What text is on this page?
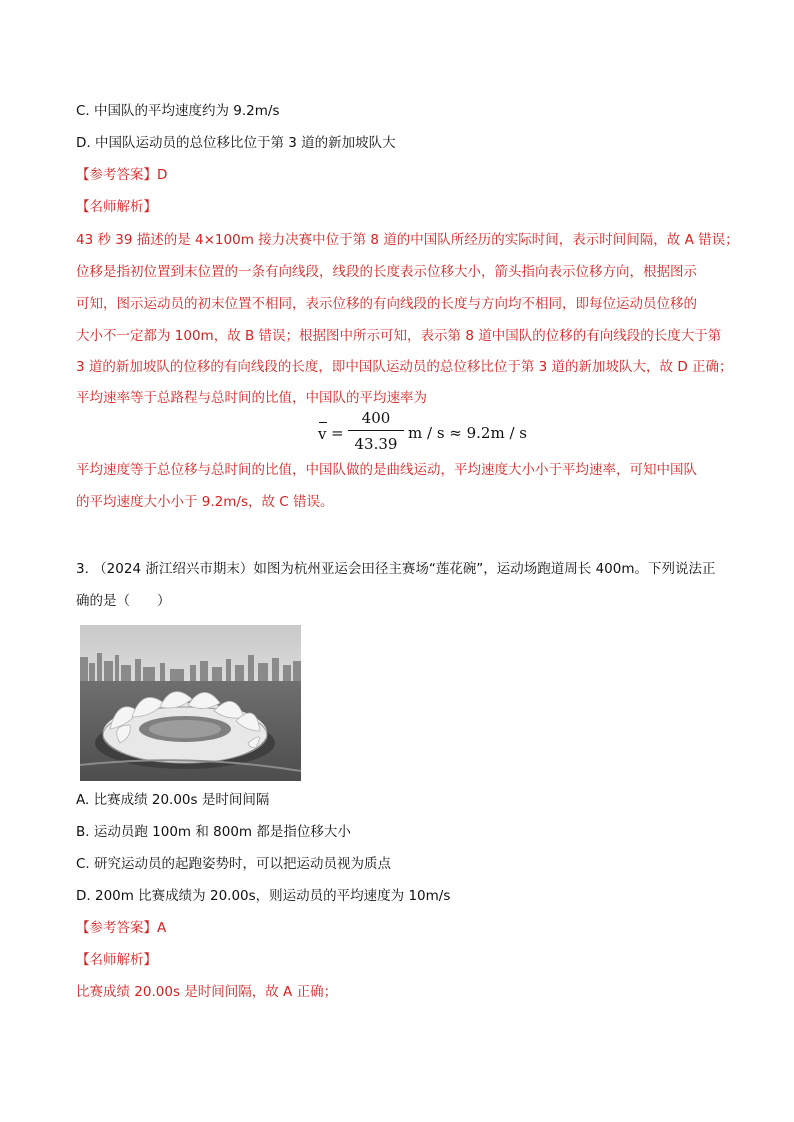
C. 中国队的平均速度约为 9.2m/s
D. 中国队运动员的总位移比位于第 3 道的新加坡队大
【参考答案】D
【名师解析】
43 秒 39 描述的是 4×100m 接力决赛中位于第 8 道的中国队所经历的实际时间，表示时间间隔，故 A 错误；
位移是指初位置到末位置的一条有向线段，线段的长度表示位移大小，箭头指向表示位移方向，根据图示
可知，图示运动员的初末位置不相同，表示位移的有向线段的长度与方向均不相同，即每位运动员位移的
大小不一定都为 100m，故 B 错误；根据图中所示可知，表示第 8 道中国队的位移的有向线段的长度大于第
3 道的新加坡队的位移的有向线段的长度，即中国队运动员的总位移比位于第 3 道的新加坡队大，故 D 正确；
平均速率等于总路程与总时间的比值，中国队的平均速率为
v =
400
43.39
m / s ≈ 9.2m / s
平均速度等于总位移与总时间的比值，中国队做的是曲线运动，平均速度大小小于平均速率，可知中国队
的平均速度大小小于 9.2m/s，故 C 错误。
3. （2024 浙江绍兴市期末）如图为杭州亚运会田径主赛场“莲花碗”，运动场跑道周长 400m。下列说法正
确的是（　　）
A. 比赛成绩 20.00s 是时间间隔
B. 运动员跑 100m 和 800m 都是指位移大小
C. 研究运动员的起跑姿势时，可以把运动员视为质点
D. 200m 比赛成绩为 20.00s，则运动员的平均速度为 10m/s
【参考答案】A
【名师解析】
比赛成绩 20.00s 是时间间隔，故 A 正确；
